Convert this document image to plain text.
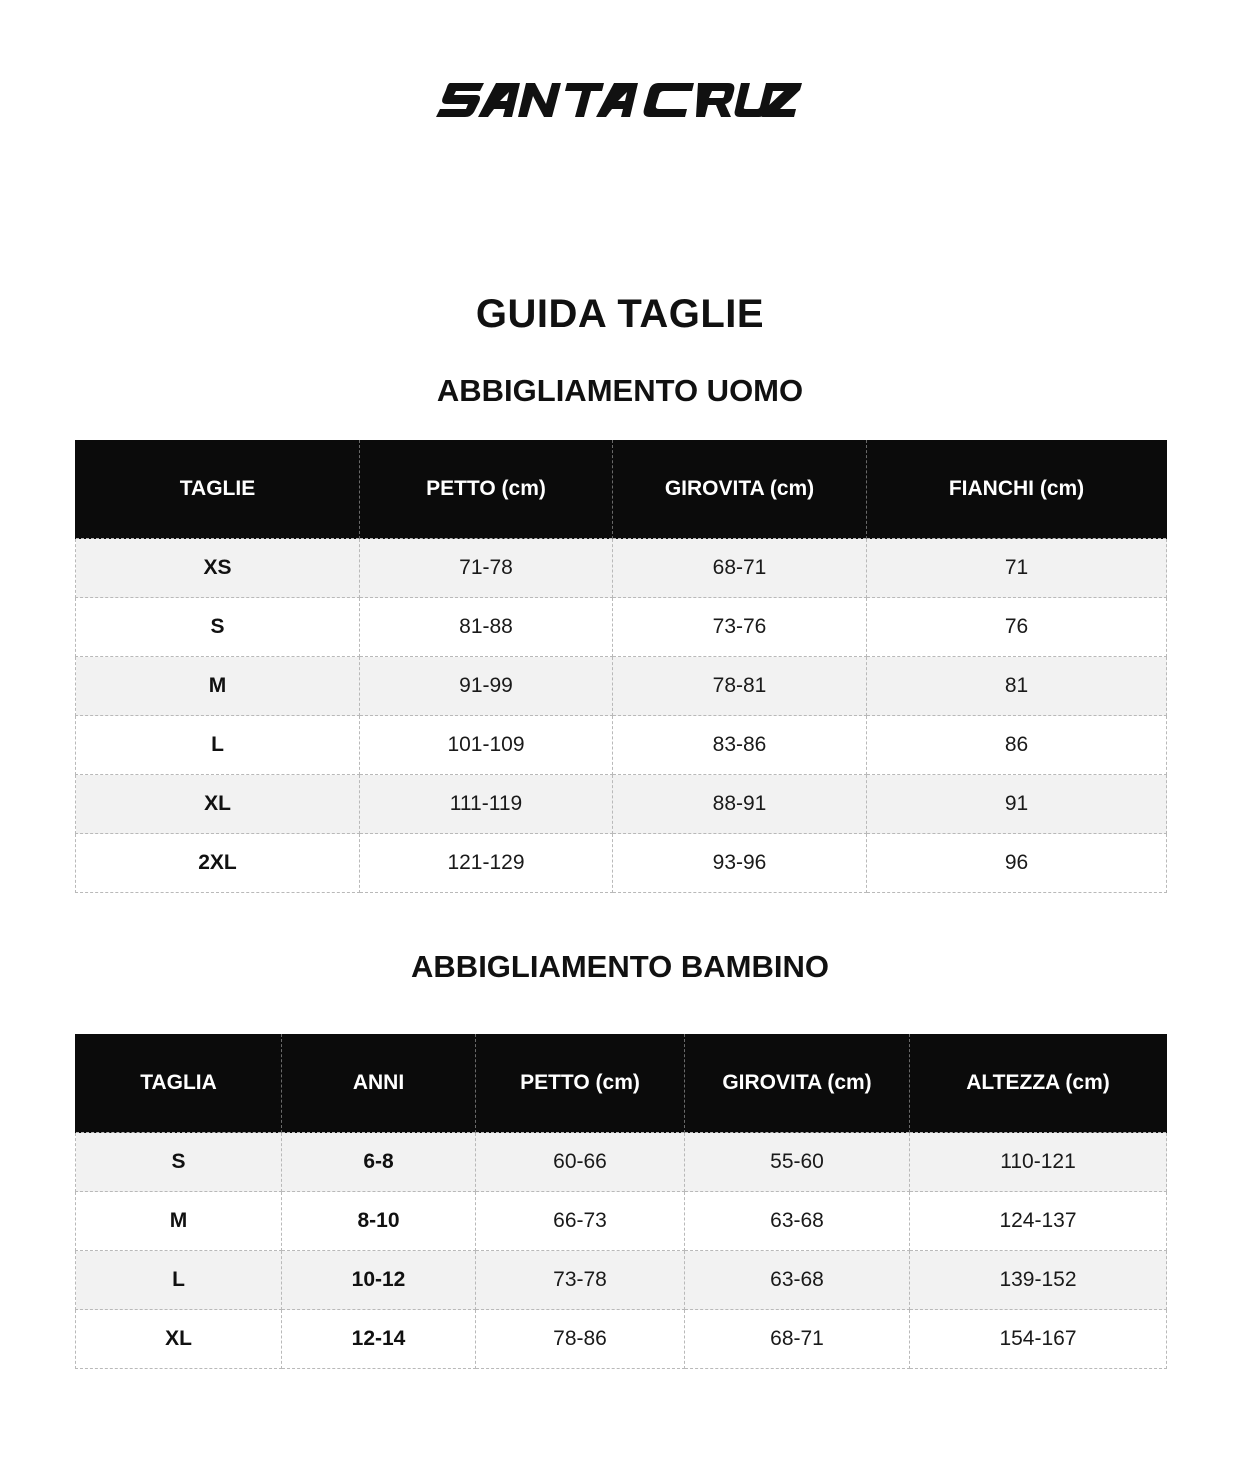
GUIDA TAGLIE
ABBIGLIAMENTO UOMO
TAGLIE	PETTO (cm)	GIROVITA (cm)	FIANCHI (cm)
XS	71-78	68-71	71
S	81-88	73-76	76
M	91-99	78-81	81
L	101-109	83-86	86
XL	111-119	88-91	91
2XL	121-129	93-96	96
ABBIGLIAMENTO BAMBINO
TAGLIA	ANNI	PETTO (cm)	GIROVITA (cm)	ALTEZZA (cm)
S	6-8	60-66	55-60	110-121
M	8-10	66-73	63-68	124-137
L	10-12	73-78	63-68	139-152
XL	12-14	78-86	68-71	154-167
